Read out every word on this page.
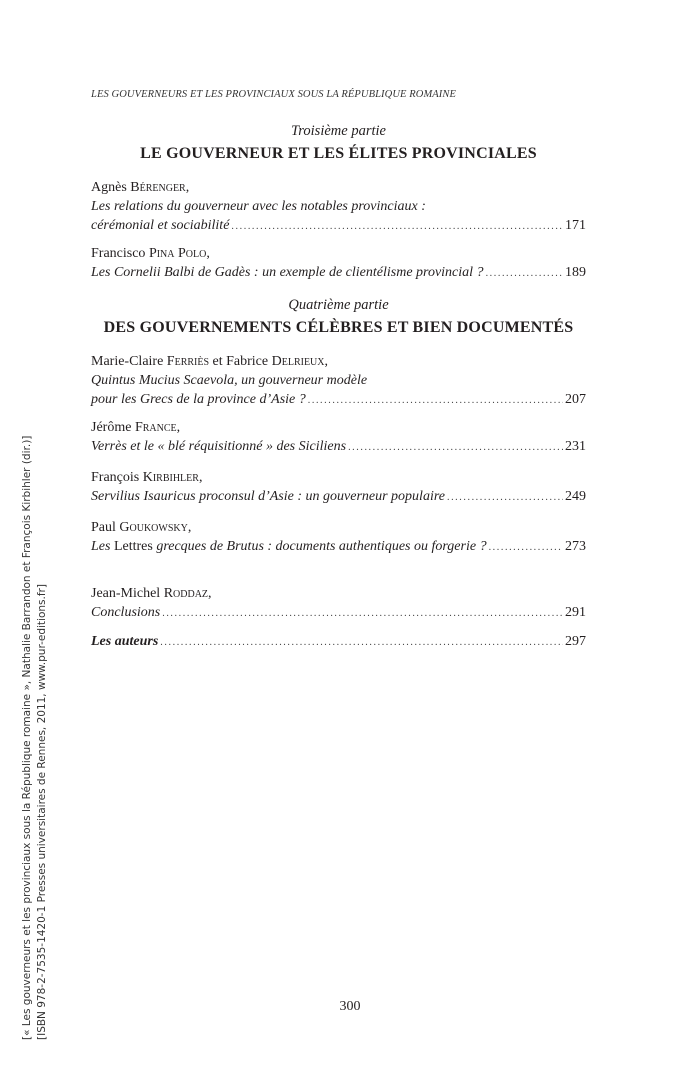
LES GOUVERNEURS ET LES PROVINCIAUX SOUS LA RÉPUBLIQUE ROMAINE
Troisième partie
LE GOUVERNEUR ET LES ÉLITES PROVINCIALES
Agnès Bérenger,
Les relations du gouverneur avec les notables provinciaux :
cérémonial et sociabilité .....	171
Francisco Pina Polo,
Les Cornelii Balbi de Gadès : un exemple de clientélisme provincial ? .....	189
Quatrième partie
DES GOUVERNEMENTS CÉLÈBRES ET BIEN DOCUMENTÉS
Marie-Claire Ferriès et Fabrice Delrieux,
Quintus Mucius Scaevola, un gouverneur modèle
pour les Grecs de la province d’Asie ? .....	207
Jérôme France,
Verrès et le « blé réquisitionné » des Siciliens .....	231
François Kirbihler,
Servilius Isauricus proconsul d’Asie : un gouverneur populaire .....	249
Paul Goukowsky,
Les Lettres grecques de Brutus : documents authentiques ou forgerie ? .....	273
Jean-Michel Roddaz,
Conclusions .....	291
Les auteurs .....	297
300
[« Les gouverneurs et les provinciaux sous la République romaine », Nathalie Barrandon et François Kirbihler (dir.)] [ISBN 978-2-7535-1420-1 Presses universitaires de Rennes, 2011, www.pur-editions.fr]
